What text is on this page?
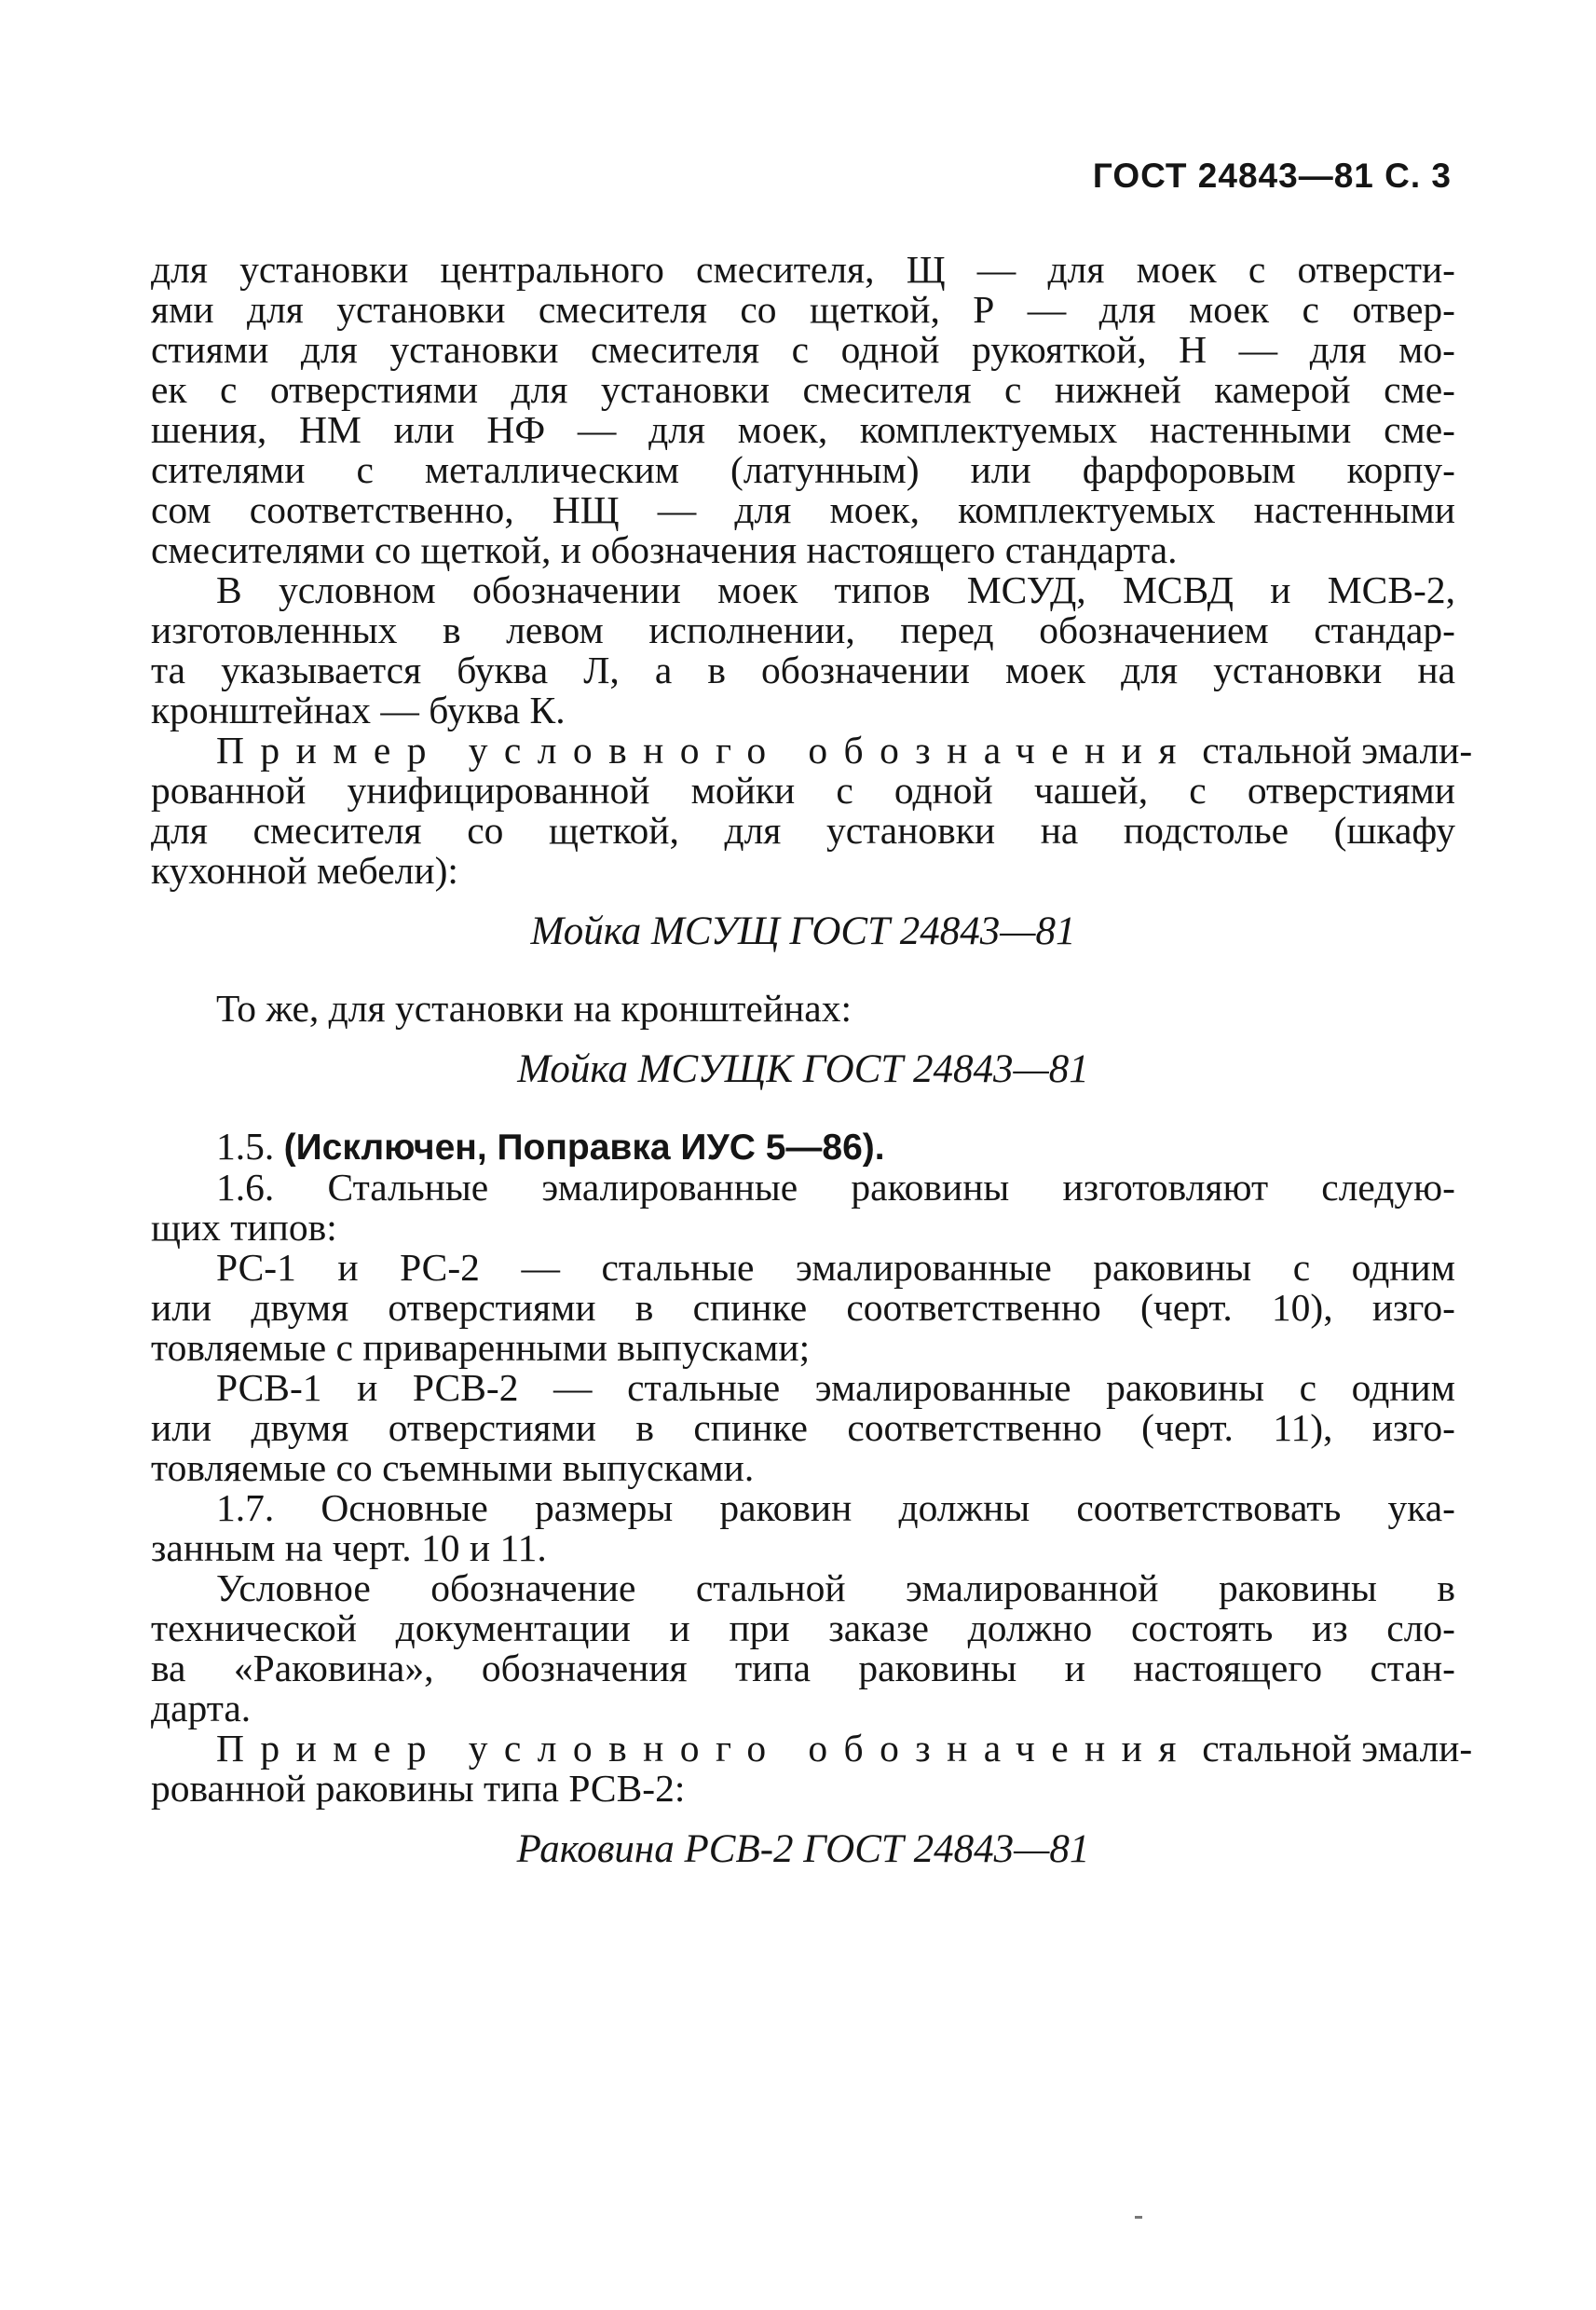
ГОСТ 24843—81 С. 3
для установки центрального смесителя, Щ — для моек с отверсти-
ями для установки смесителя со щеткой, Р — для моек с отвер-
стиями для установки смесителя с одной рукояткой, Н — для мо-
ек с отверстиями для установки смесителя с нижней камерой сме-
шения, НМ или НФ — для моек, комплектуемых настенными сме-
сителями с металлическим (латунным) или фарфоровым корпу-
сом соответственно, НЩ — для моек, комплектуемых настенными
смесителями со щеткой, и обозначения настоящего стандарта.
В условном обозначении моек типов МСУД, МСВД и МСВ-2,
изготовленных в левом исполнении, перед обозначением стандар-
та указывается буква Л, а в обозначении моек для установки на
кронштейнах — буква К.
Пример условного обозначения стальной эмали-
рованной унифицированной мойки с одной чашей, с отверстиями
для смесителя со щеткой, для установки на подстолье (шкафу
кухонной мебели):
Мойка МСУЩ ГОСТ 24843—81
То же, для установки на кронштейнах:
Мойка МСУЩК ГОСТ 24843—81
1.5. (Исключен, Поправка ИУС 5—86).
1.6. Стальные эмалированные раковины изготовляют следую-
щих типов:
РС-1 и РС-2 — стальные эмалированные раковины с одним
или двумя отверстиями в спинке соответственно (черт. 10), изго-
товляемые с приваренными выпусками;
РСВ-1 и РСВ-2 — стальные эмалированные раковины с одним
или двумя отверстиями в спинке соответственно (черт. 11), изго-
товляемые со съемными выпусками.
1.7. Основные размеры раковин должны соответствовать ука-
занным на черт. 10 и 11.
Условное обозначение стальной эмалированной раковины в
технической документации и при заказе должно состоять из сло-
ва «Раковина», обозначения типа раковины и настоящего стан-
дарта.
Пример условного обозначения стальной эмали-
рованной раковины типа РСВ-2:
Раковина РСВ-2 ГОСТ 24843—81
